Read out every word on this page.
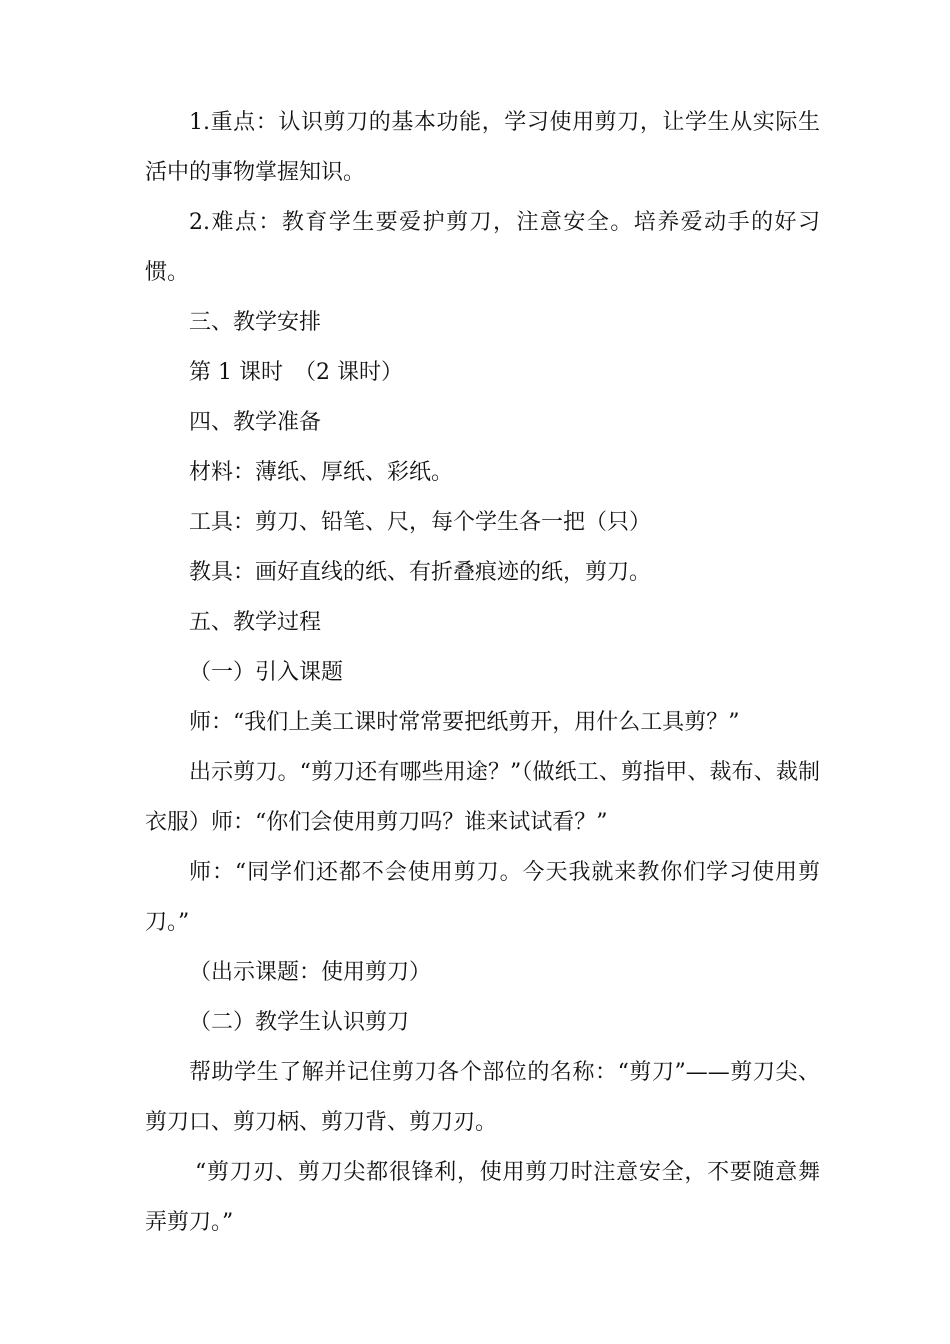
1.重点：认识剪刀的基本功能，学习使用剪刀，让学生从实际生活中的事物掌握知识。

2.难点：教育学生要爱护剪刀，注意安全。培养爱动手的好习惯。

三、教学安排

第 1 课时　（2 课时）

四、教学准备

材料：薄纸、厚纸、彩纸。

工具：剪刀、铅笔、尺，每个学生各一把（只）

教具：画好直线的纸、有折叠痕迹的纸，剪刀。

五、教学过程

（一）引入课题

师：“我们上美工课时常常要把纸剪开，用什么工具剪？”

出示剪刀。“剪刀还有哪些用途？”（做纸工、剪指甲、裁布、裁制衣服）师：“你们会使用剪刀吗？谁来试试看？”

师：“同学们还都不会使用剪刀。今天我就来教你们学习使用剪刀。”

（出示课题：使用剪刀）

（二）教学生认识剪刀

帮助学生了解并记住剪刀各个部位的名称：“剪刀”——剪刀尖、剪刀口、剪刀柄、剪刀背、剪刀刃。

“剪刀刃、剪刀尖都很锋利，使用剪刀时注意安全，不要随意舞弄剪刀。”
